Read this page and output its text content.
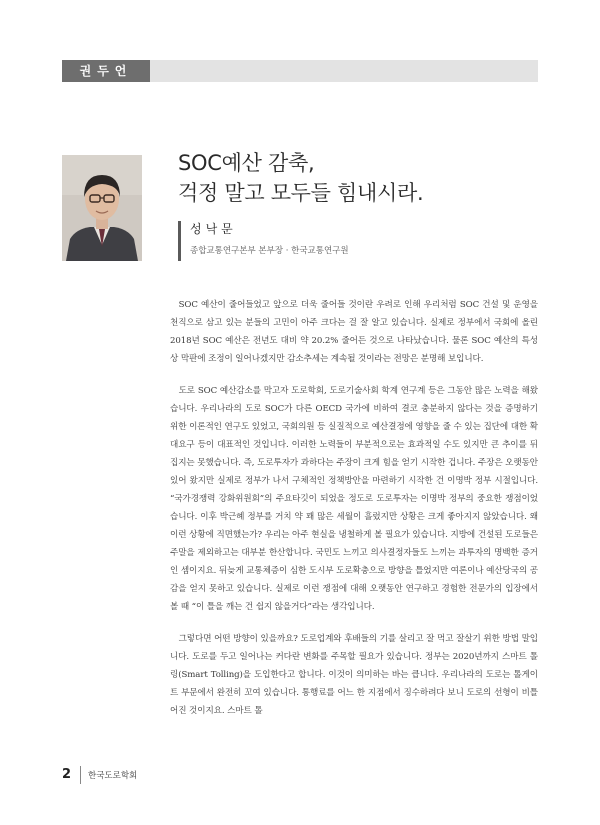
권두언
SOC예산 감축,
걱정 말고 모두들 힘내시라.
성낙문
종합교통연구본부 본부장 · 한국교통연구원

SOC 예산이 줄어들었고 앞으로 더욱 줄어들 것이란 우려로 인해 우리처럼 SOC 건설 및 운영을 천직으로 삼고 있는 분들의 고민이 아주 크다는 걸 잘 알고 있습니다. 실제로 정부에서 국회에 올린 2018년 SOC 예산은 전년도 대비 약 20.2% 줄어든 것으로 나타났습니다. 물론 SOC 예산의 특성상 막판에 조정이 일어나겠지만 감소추세는 계속될 것이라는 전망은 분명해 보입니다.

도로 SOC 예산감소를 막고자 도로학회, 도로기술사회 학계 연구계 등은 그동안 많은 노력을 해왔습니다. 우리나라의 도로 SOC가 다른 OECD 국가에 비하여 결코 충분하지 않다는 것을 증명하기 위한 이론적인 연구도 있었고, 국회의원 등 실질적으로 예산결정에 영향을 줄 수 있는 집단에 대한 확대요구 등이 대표적인 것입니다. 이러한 노력들이 부분적으로는 효과적일 수도 있지만 큰 추이를 뒤집지는 못했습니다. 즉, 도로투자가 과하다는 주장이 크게 힘을 얻기 시작한 겁니다. 주장은 오랫동안 있어 왔지만 실제로 정부가 나서 구체적인 정책방안을 마련하기 시작한 건 이명박 정부 시절입니다. “국가경쟁력 강화위원회”의 주요타깃이 되었을 정도로 도로투자는 이명박 정부의 중요한 쟁점이었습니다. 이후 박근혜 정부를 거치 약 꽤 많은 세월이 흘렀지만 상황은 크게 좋아지지 않았습니다. 왜 이런 상황에 직면했는가? 우리는 아주 현실을 냉철하게 볼 필요가 있습니다. 지방에 건설된 도로들은 주말을 제외하고는 대부분 한산합니다. 국민도 느끼고 의사결정자들도 느끼는 과투자의 명백한 증거인 셈이지요. 뒤늦게 교통체증이 심한 도시부 도로확충으로 방향을 틀었지만 여론이나 예산당국의 공감을 얻지 못하고 있습니다. 실제로 이런 쟁점에 대해 오랫동안 연구하고 경험한 전문가의 입장에서 볼 때 “이 틀을 깨는 건 쉽지 않을거다”라는 생각입니다.

그렇다면 어떤 방향이 있을까요? 도로업계와 후배들의 기를 살리고 잘 먹고 잘살기 위한 방법 말입니다. 도로를 두고 일어나는 커다란 변화를 주목할 필요가 있습니다. 정부는 2020년까지 스마트 톨링(Smart Tolling)을 도입한다고 합니다. 이것이 의미하는 바는 큽니다. 우리나라의 도로는 톨게이트 부문에서 완전히 꼬여 있습니다. 통행료를 어느 한 지점에서 징수하려다 보니 도로의 선형이 비틀어진 것이지요. 스마트 톨

2 한국도로학회
